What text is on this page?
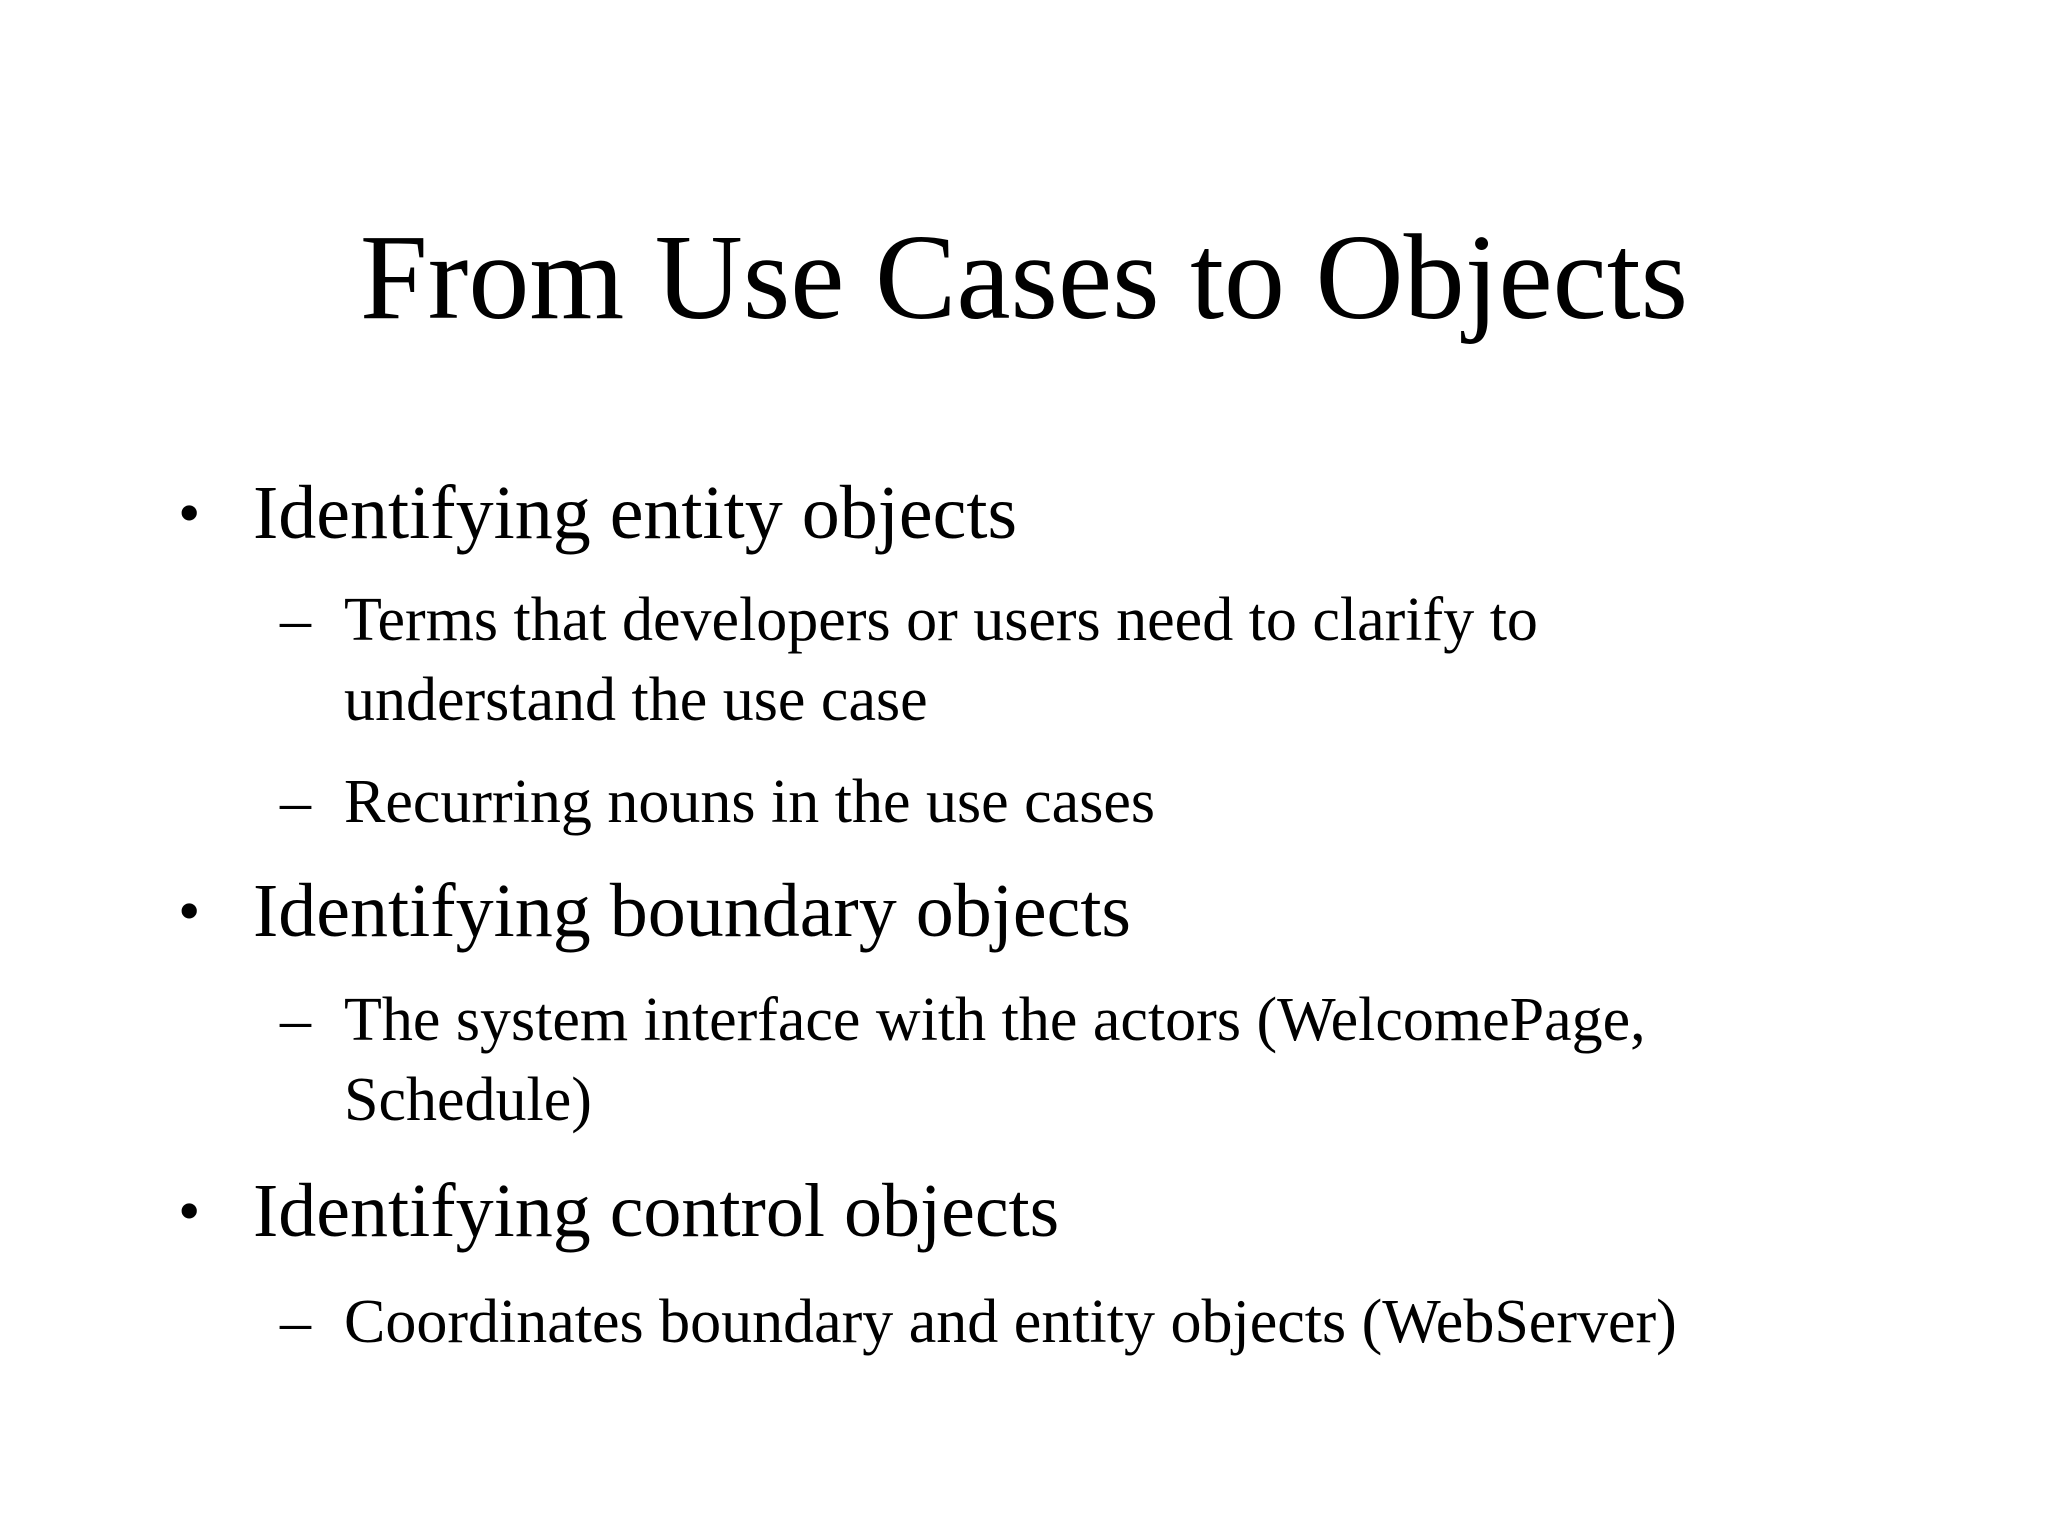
From Use Cases to Objects
• Identifying entity objects
– Terms that developers or users need to clarify to
understand the use case
– Recurring nouns in the use cases
• Identifying boundary objects
– The system interface with the actors (WelcomePage,
Schedule)
• Identifying control objects
– Coordinates boundary and entity objects (WebServer)
